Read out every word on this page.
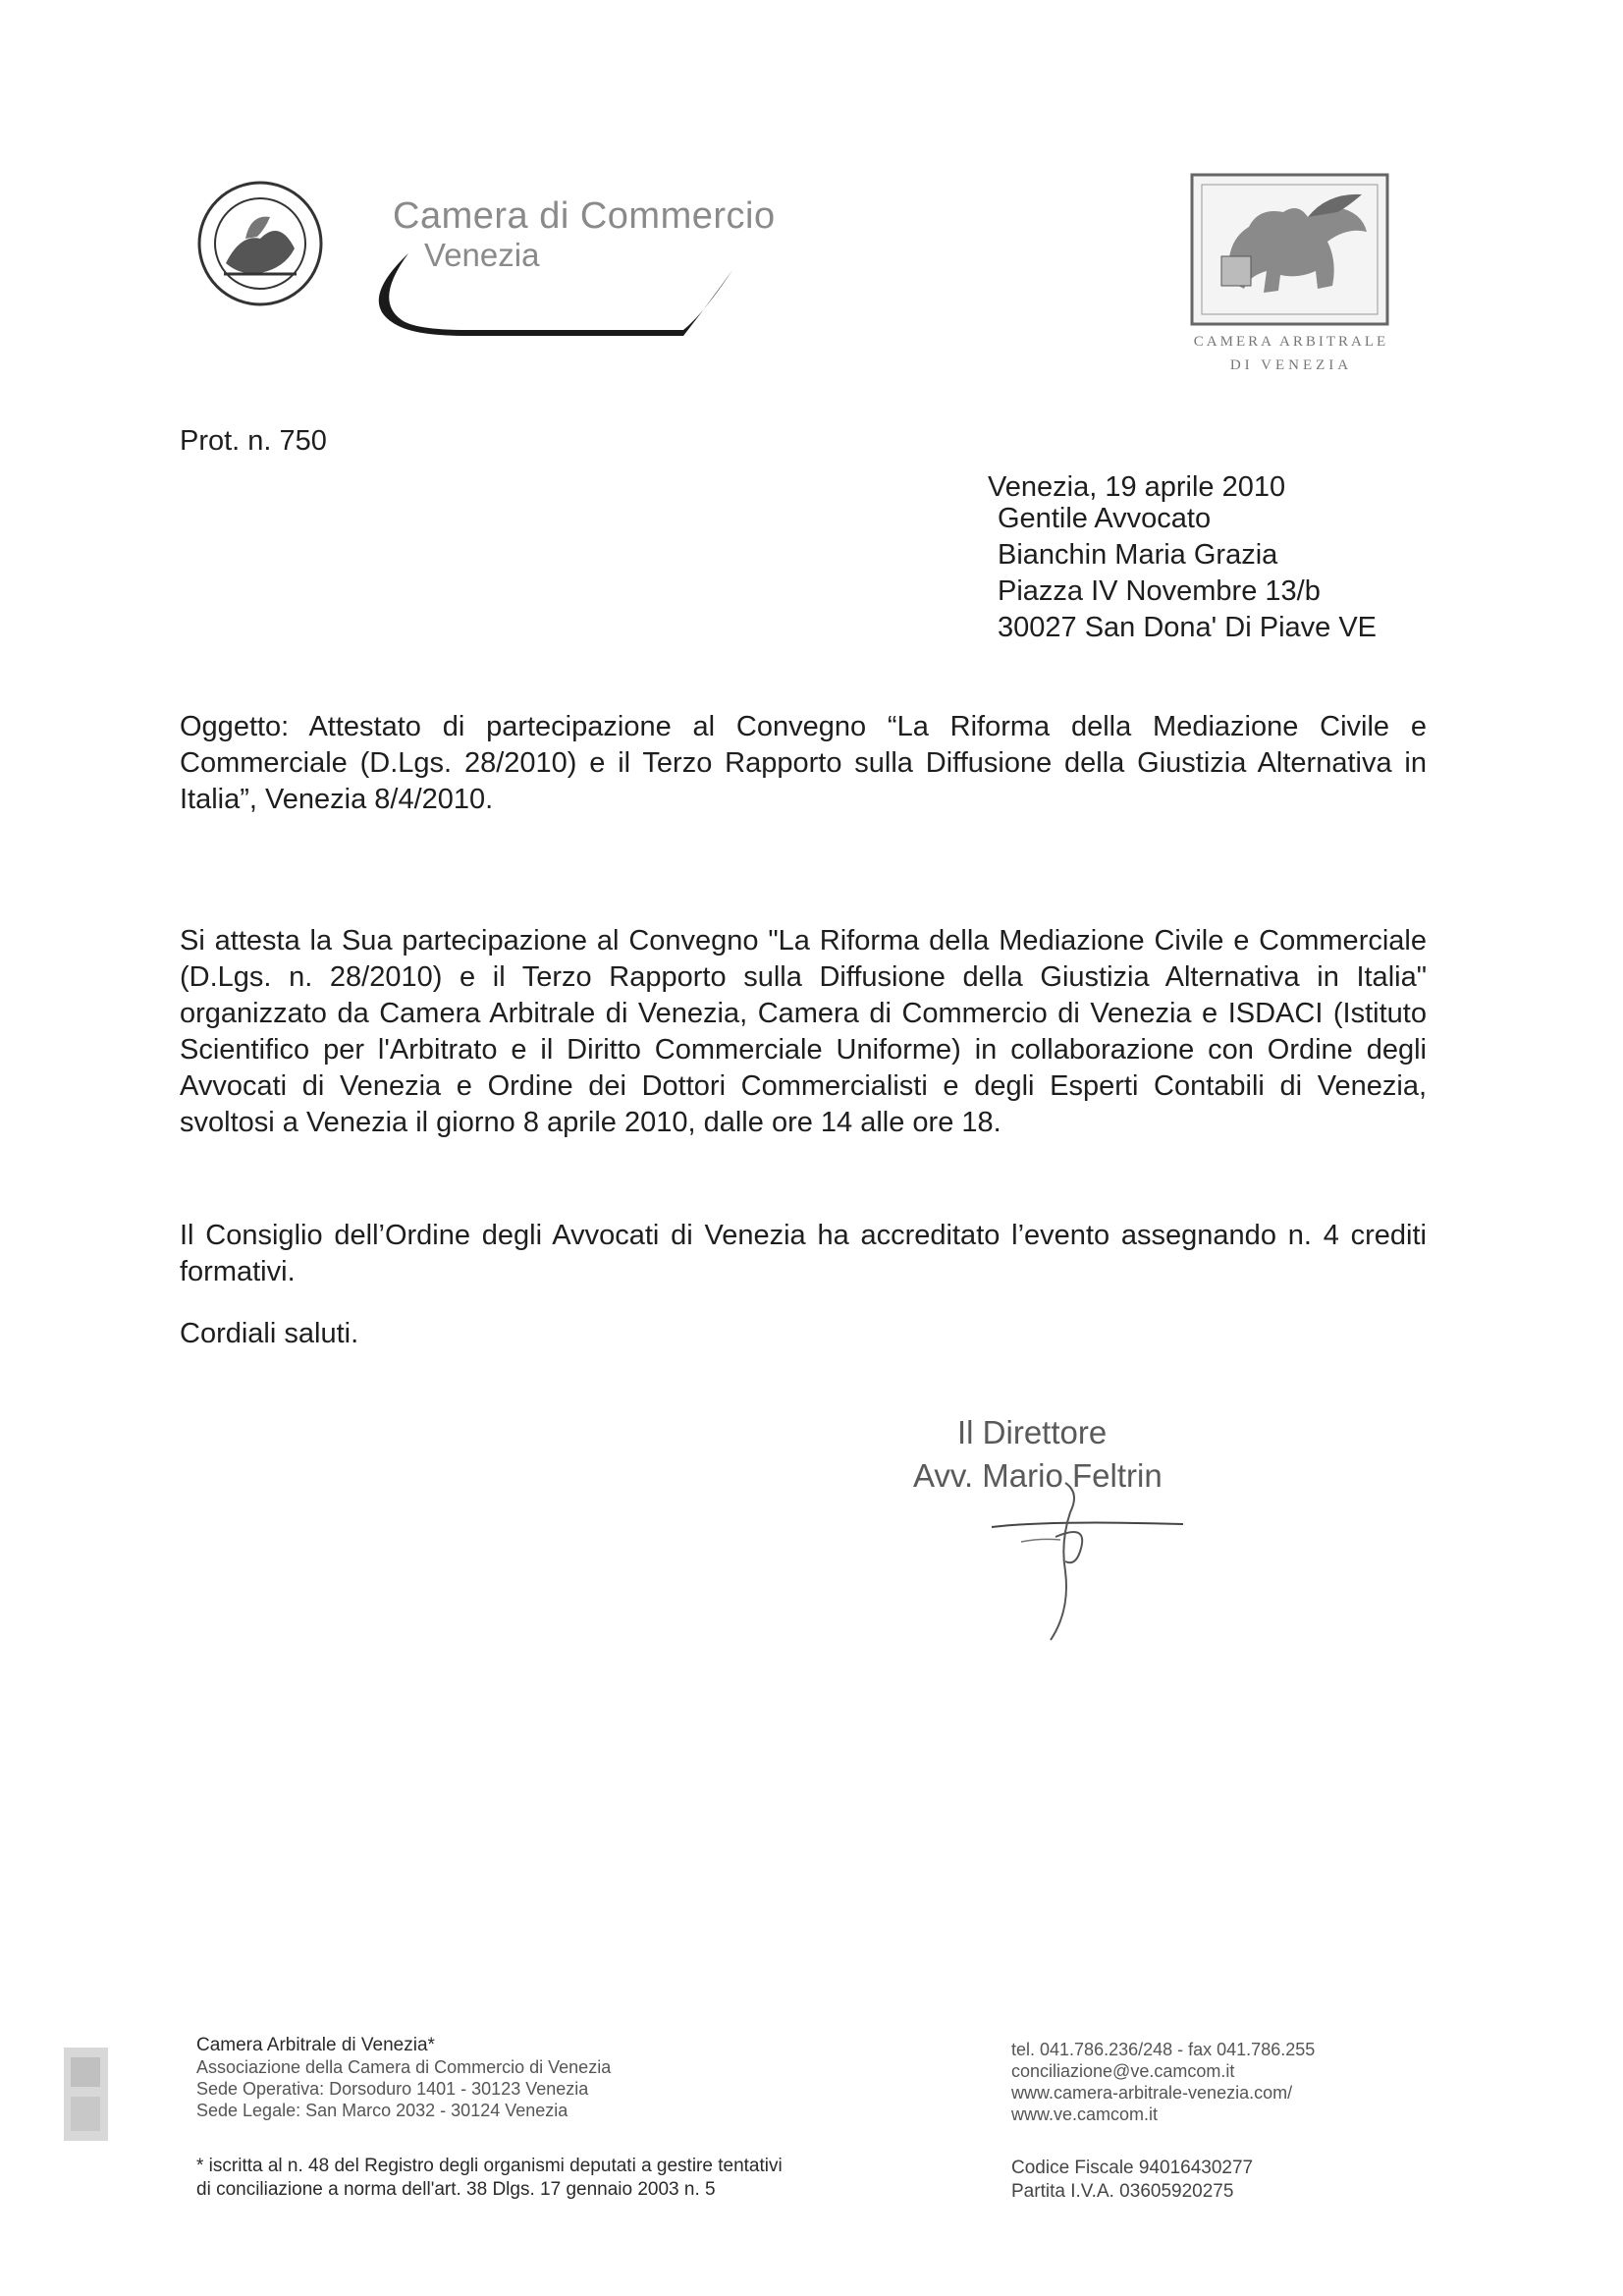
Camera di Commercio
Venezia
CAMERA ARBITRALE
DI VENEZIA
Prot. n. 750
Venezia, 19 aprile 2010
Gentile Avvocato
Bianchin Maria Grazia
Piazza IV Novembre 13/b
30027 San Dona' Di Piave VE
Oggetto: Attestato di partecipazione al Convegno “La Riforma della Mediazione Civile e Commerciale (D.Lgs. 28/2010) e il Terzo Rapporto sulla Diffusione della Giustizia Alternativa in Italia”, Venezia 8/4/2010.
Si attesta la Sua partecipazione al Convegno "La Riforma della Mediazione Civile e Commerciale (D.Lgs. n. 28/2010) e il Terzo Rapporto sulla Diffusione della Giustizia Alternativa in Italia" organizzato da Camera Arbitrale di Venezia, Camera di Commercio di Venezia e ISDACI (Istituto Scientifico per l'Arbitrato e il Diritto Commerciale Uniforme) in collaborazione con Ordine degli Avvocati di Venezia e Ordine dei Dottori Commercialisti e degli Esperti Contabili di Venezia, svoltosi a Venezia il giorno 8 aprile 2010, dalle ore 14 alle ore 18.
Il Consiglio dell’Ordine degli Avvocati di Venezia ha accreditato l’evento assegnando n. 4 crediti formativi.
Cordiali saluti.
Il Direttore
Avv. Mario Feltrin
Camera Arbitrale di Venezia*
Associazione della Camera di Commercio di Venezia
Sede Operativa: Dorsoduro 1401 - 30123 Venezia
Sede Legale: San Marco 2032 - 30124 Venezia
* iscritta al n. 48 del Registro degli organismi deputati a gestire tentativi
di conciliazione a norma dell'art. 38 Dlgs. 17 gennaio 2003 n. 5
tel. 041.786.236/248 - fax 041.786.255
conciliazione@ve.camcom.it
www.camera-arbitrale-venezia.com/
www.ve.camcom.it
Codice Fiscale 94016430277
Partita I.V.A. 03605920275
